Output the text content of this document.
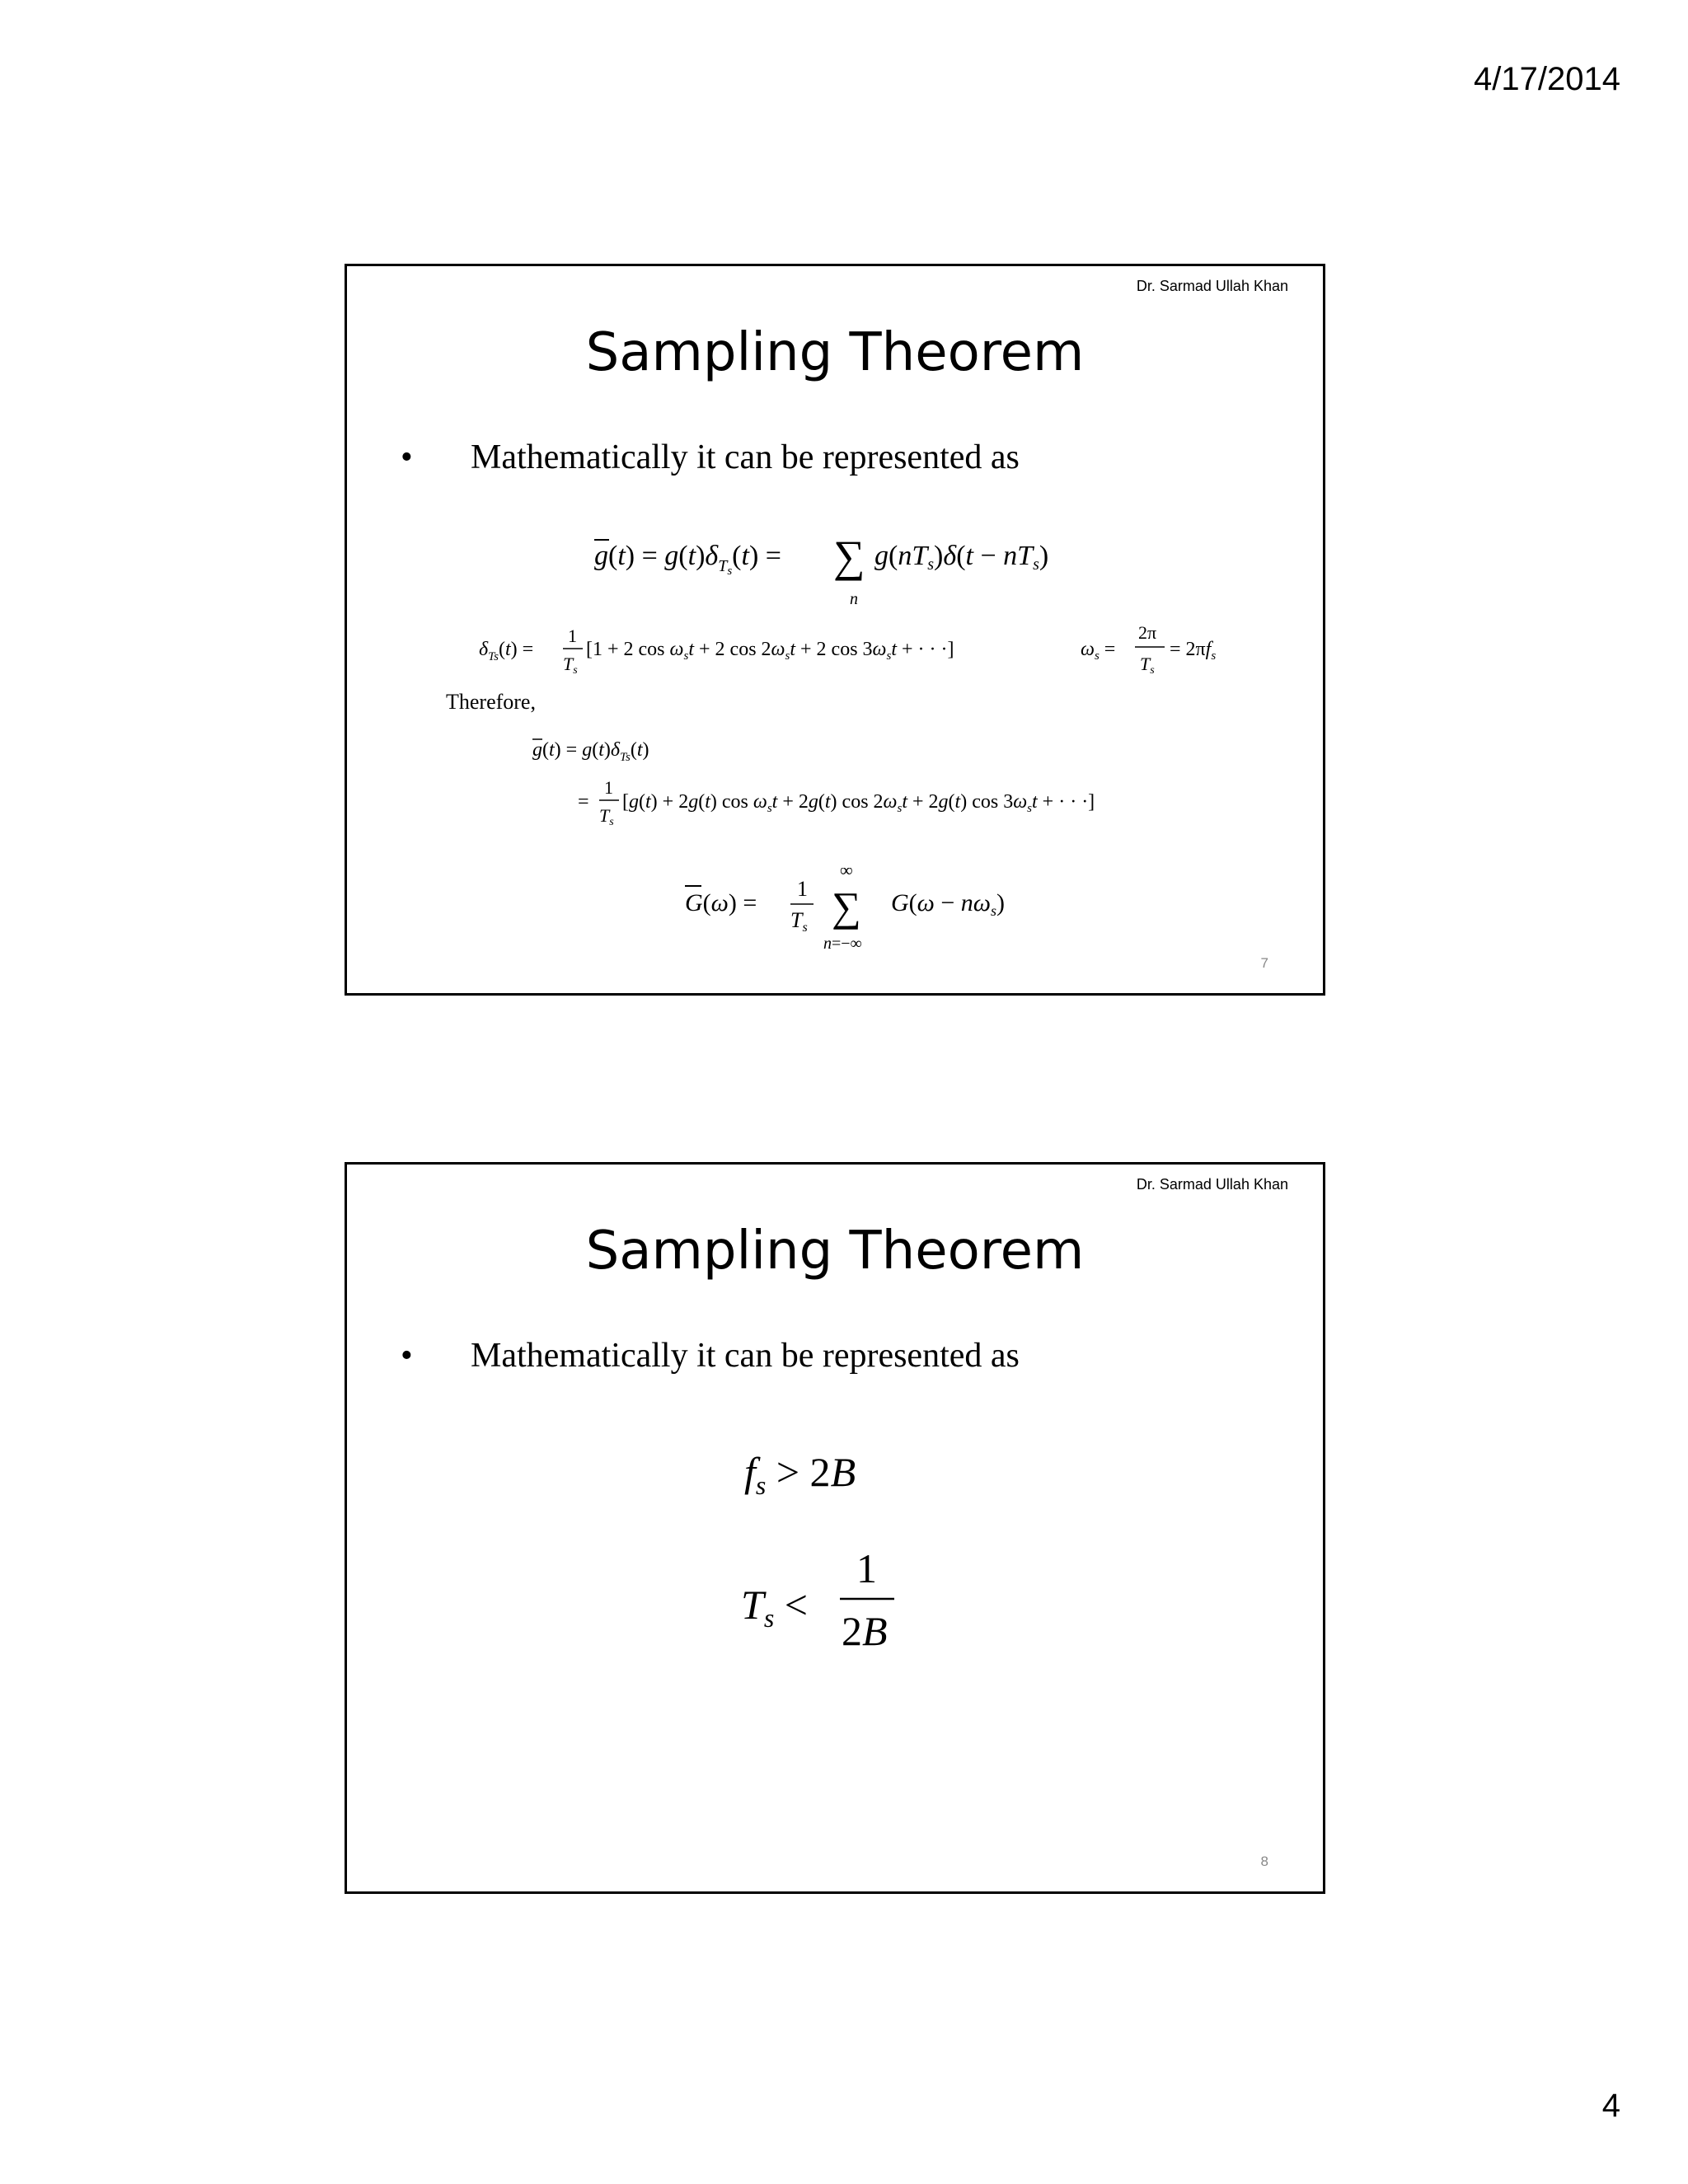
4/17/2014
Dr. Sarmad Ullah Khan
Sampling Theorem
• Mathematically it can be represented as
$g(t) = g(t)\delta_Ts(t)$ = ∑
n
g(nTs)δ(t − nTs)
$\delta_{Ts}(t)$ =
1
Ts
[1 + 2 $\cos \omega_st + 2$ $\cos 2\omega_st + 2$ $\cos 3\omega_st$ + · · ·]	$\omega_s$ =
2π
Ts
= $2\pi f_s$
Therefore,
$g(t) = g(t)\delta_{Ts}(t)$
=
1
Ts
[g(t) + 2g(t) $\cos \omega_st + 2g(t)$ $\cos 2\omega_st + 2g(t)$ $\cos 3\omega_st$ + · · ·]
G(ω) =
1
Ts
∞
∑
n=−∞
$G(\omega - n\omega_s)$
7
Dr. Sarmad Ullah Khan
Sampling Theorem
• Mathematically it can be represented as
$f_s > 2B$
$T_s$ <
1
2B
8
4
